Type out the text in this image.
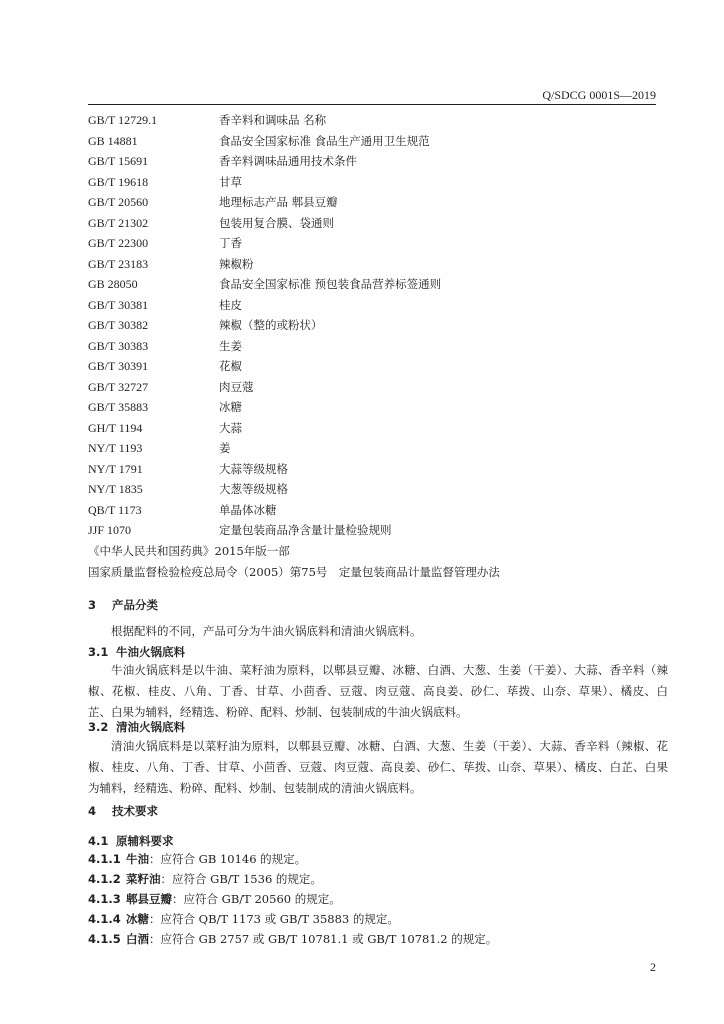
Q/SDCG 0001S—2019
GB/T 12729.1	香辛料和调味品 名称
GB 14881	食品安全国家标准 食品生产通用卫生规范
GB/T 15691	香辛料调味品通用技术条件
GB/T 19618	甘草
GB/T 20560	地理标志产品 郫县豆瓣
GB/T 21302	包装用复合膜、袋通则
GB/T 22300	丁香
GB/T 23183	辣椒粉
GB 28050	食品安全国家标准 预包装食品营养标签通则
GB/T 30381	桂皮
GB/T 30382	辣椒（整的或粉状）
GB/T 30383	生姜
GB/T 30391	花椒
GB/T 32727	肉豆蔻
GB/T 35883	冰糖
GH/T 1194	大蒜
NY/T 1193	姜
NY/T 1791	大蒜等级规格
NY/T 1835	大葱等级规格
QB/T 1173	单晶体冰糖
JJF 1070	定量包装商品净含量计量检验规则
《中华人民共和国药典》2015年版一部
国家质量监督检验检疫总局令（2005）第75号　定量包装商品计量监督管理办法
3 产品分类
根据配料的不同，产品可分为牛油火锅底料和清油火锅底料。
3.1 牛油火锅底料
牛油火锅底料是以牛油、菜籽油为原料，以郫县豆瓣、冰糖、白酒、大葱、生姜（干姜）、大蒜、香辛料（辣椒、花椒、桂皮、八角、丁香、甘草、小茴香、豆蔻、肉豆蔻、高良姜、砂仁、荜拨、山奈、草果）、橘皮、白芷、白果为辅料，经精选、粉碎、配料、炒制、包装制成的牛油火锅底料。
3.2 清油火锅底料
清油火锅底料是以菜籽油为原料，以郫县豆瓣、冰糖、白酒、大葱、生姜（干姜）、大蒜、香辛料（辣椒、花椒、桂皮、八角、丁香、甘草、小茴香、豆蔻、肉豆蔻、高良姜、砂仁、荜拨、山奈、草果）、橘皮、白芷、白果为辅料，经精选、粉碎、配料、炒制、包装制成的清油火锅底料。
4 技术要求
4.1 原辅料要求
4.1.1 牛油：应符合 GB 10146 的规定。
4.1.2 菜籽油：应符合 GB/T 1536 的规定。
4.1.3 郫县豆瓣：应符合 GB/T 20560 的规定。
4.1.4 冰糖：应符合 QB/T 1173 或 GB/T 35883 的规定。
4.1.5 白酒：应符合 GB 2757 或 GB/T 10781.1 或 GB/T 10781.2 的规定。
2
